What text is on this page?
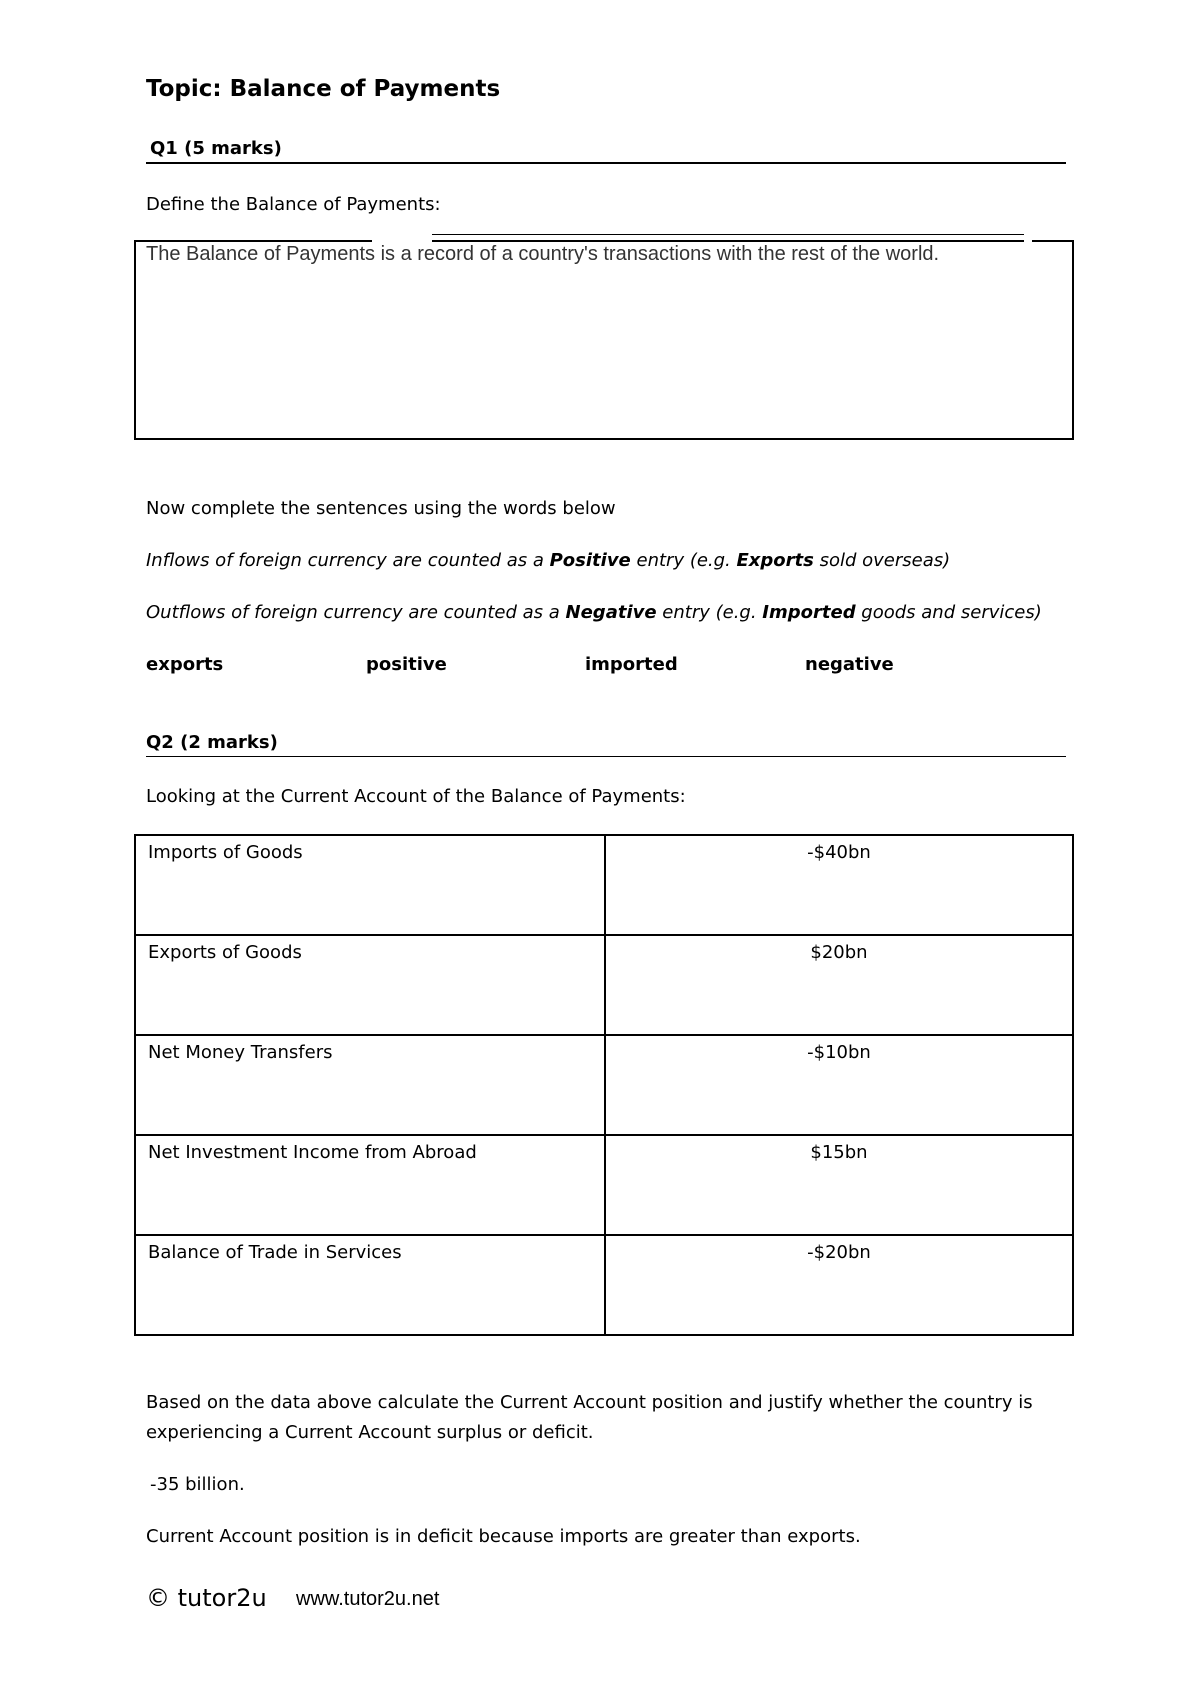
Topic: Balance of Payments
Q1 (5 marks)
Define the Balance of Payments:
The Balance of Payments is a record of a country's transactions with the rest of the world.
Now complete the sentences using the words below
Inflows of foreign currency are counted as a Positive entry (e.g. Exports sold overseas)
Outflows of foreign currency are counted as a Negative entry (e.g. Imported goods and services)
exports	positive	imported	negative
Q2 (2 marks)
Looking at the Current Account of the Balance of Payments:
Imports of Goods	-$40bn
Exports of Goods	$20bn
Net Money Transfers	-$10bn
Net Investment Income from Abroad	$15bn
Balance of Trade in Services	-$20bn
Based on the data above calculate the Current Account position and justify whether the country is
experiencing a Current Account surplus or deficit.
-35 billion.
Current Account position is in deficit because imports are greater than exports.
© tutor2u www.tutor2u.net
